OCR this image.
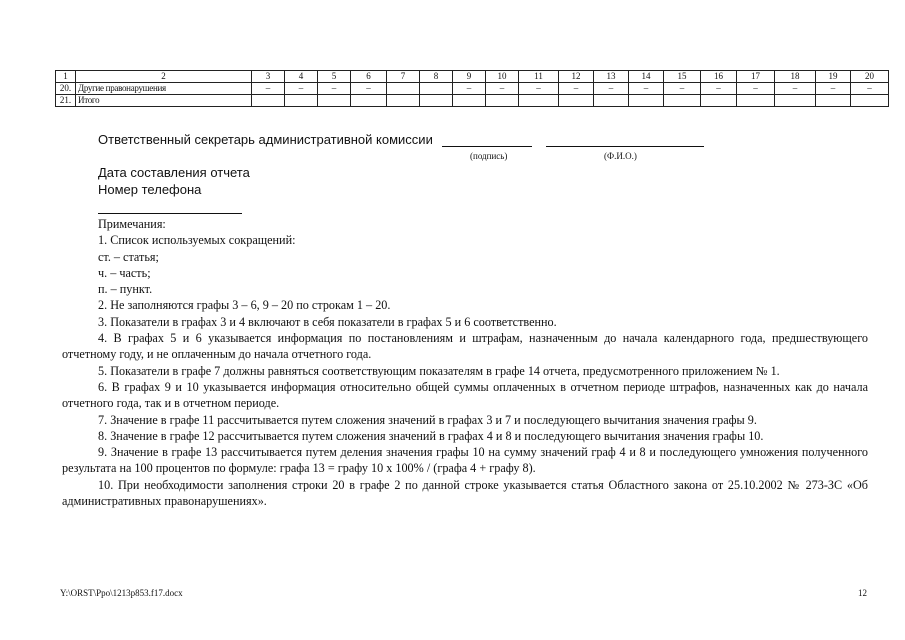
1	2	3	4	5	6	7	8	9	10	11	12	13	14	15	16	17	18	19	20
20.	Другие правонарушения	–	–	–	–			–	–	–	–	–	–	–	–	–	–	–	–
21.	Итого																		
Ответственный секретарь административной комиссии
(подпись)	(Ф.И.О.)
Дата составления отчета
Номер телефона

Примечания:

1. Список используемых сокращений:

ст. – статья;

ч. – часть;

п. – пункт.

2. Не заполняются графы 3 – 6, 9 – 20 по строкам 1 – 20.

3. Показатели в графах 3 и 4 включают в себя показатели в графах 5 и 6 соответственно.

4. В графах 5 и 6 указывается информация по постановлениям и штрафам, назначенным до начала календарного года, предшествующего отчетному году, и не оплаченным до начала отчетного года.

5. Показатели в графе 7 должны равняться соответствующим показателям в графе 14 отчета, предусмотренного приложением № 1.

6. В графах 9 и 10 указывается информация относительно общей суммы оплаченных в отчетном периоде штрафов, назначенных как до начала отчетного года, так и в отчетном периоде.

7. Значение в графе 11 рассчитывается путем сложения значений в графах 3 и 7 и последующего вычитания значения графы 9.

8. Значение в графе 12 рассчитывается путем сложения значений в графах 4 и 8 и последующего вычитания значения графы 10.

9. Значение в графе 13 рассчитывается путем деления значения графы 10 на сумму значений граф 4 и 8 и последующего умножения полученного результата на 100 процентов по формуле: графа 13 = графу 10 х 100% / (графа 4 + графу 8).

10. При необходимости заполнения строки 20 в графе 2 по данной строке указывается статья Областного закона от 25.10.2002 № 273-ЗС «Об административных правонарушениях».

Y:\ORST\Ppo\1213p853.f17.docx	12
